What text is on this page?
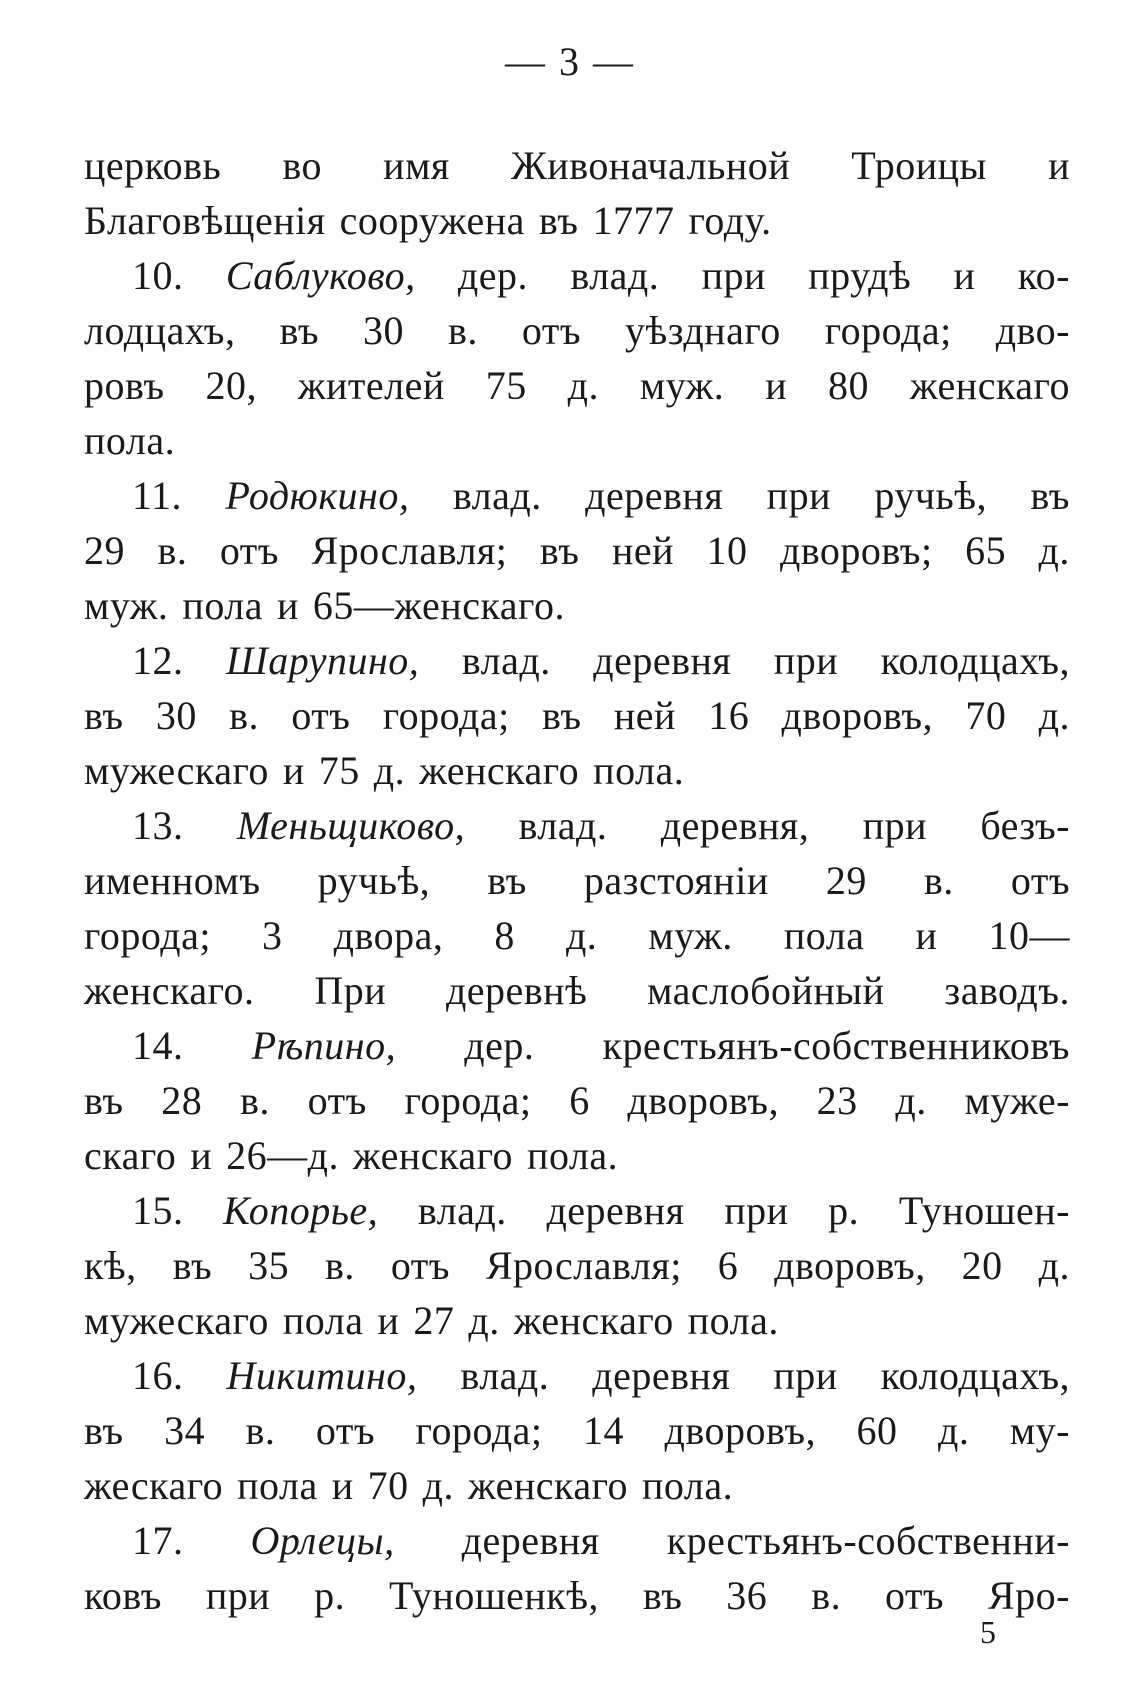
— 3 —
церковь во имя Живоначальной Троицы и
Благовѣщенія сооружена въ 1777 году.
10. Саблуково, дер. влад. при прудѣ и ко-
лодцахъ, въ 30 в. отъ уѣзднаго города; дво-
ровъ 20, жителей 75 д. муж. и 80 женскаго
пола.
11. Родюкино, влад. деревня при ручьѣ, въ
29 в. отъ Ярославля; въ ней 10 дворовъ; 65 д.
муж. пола и 65—женскаго.
12. Шарупино, влад. деревня при колодцахъ,
въ 30 в. отъ города; въ ней 16 дворовъ, 70 д.
мужескаго и 75 д. женскаго пола.
13. Меньщиково, влад. деревня, при безъ-
именномъ ручьѣ, въ разстояніи 29 в. отъ
города; 3 двора, 8 д. муж. пола и 10—
женскаго. При деревнѣ маслобойный заводъ.
14. Рѣпино, дер. крестьянъ-собственниковъ
въ 28 в. отъ города; 6 дворовъ, 23 д. муже-
скаго и 26—д. женскаго пола.
15. Копорье, влад. деревня при р. Туношен-
кѣ, въ 35 в. отъ Ярославля; 6 дворовъ, 20 д.
мужескаго пола и 27 д. женскаго пола.
16. Никитино, влад. деревня при колодцахъ,
въ 34 в. отъ города; 14 дворовъ, 60 д. му-
жескаго пола и 70 д. женскаго пола.
17. Орлецы, деревня крестьянъ-собственни-
ковъ при р. Туношенкѣ, въ 36 в. отъ Яро-
5
